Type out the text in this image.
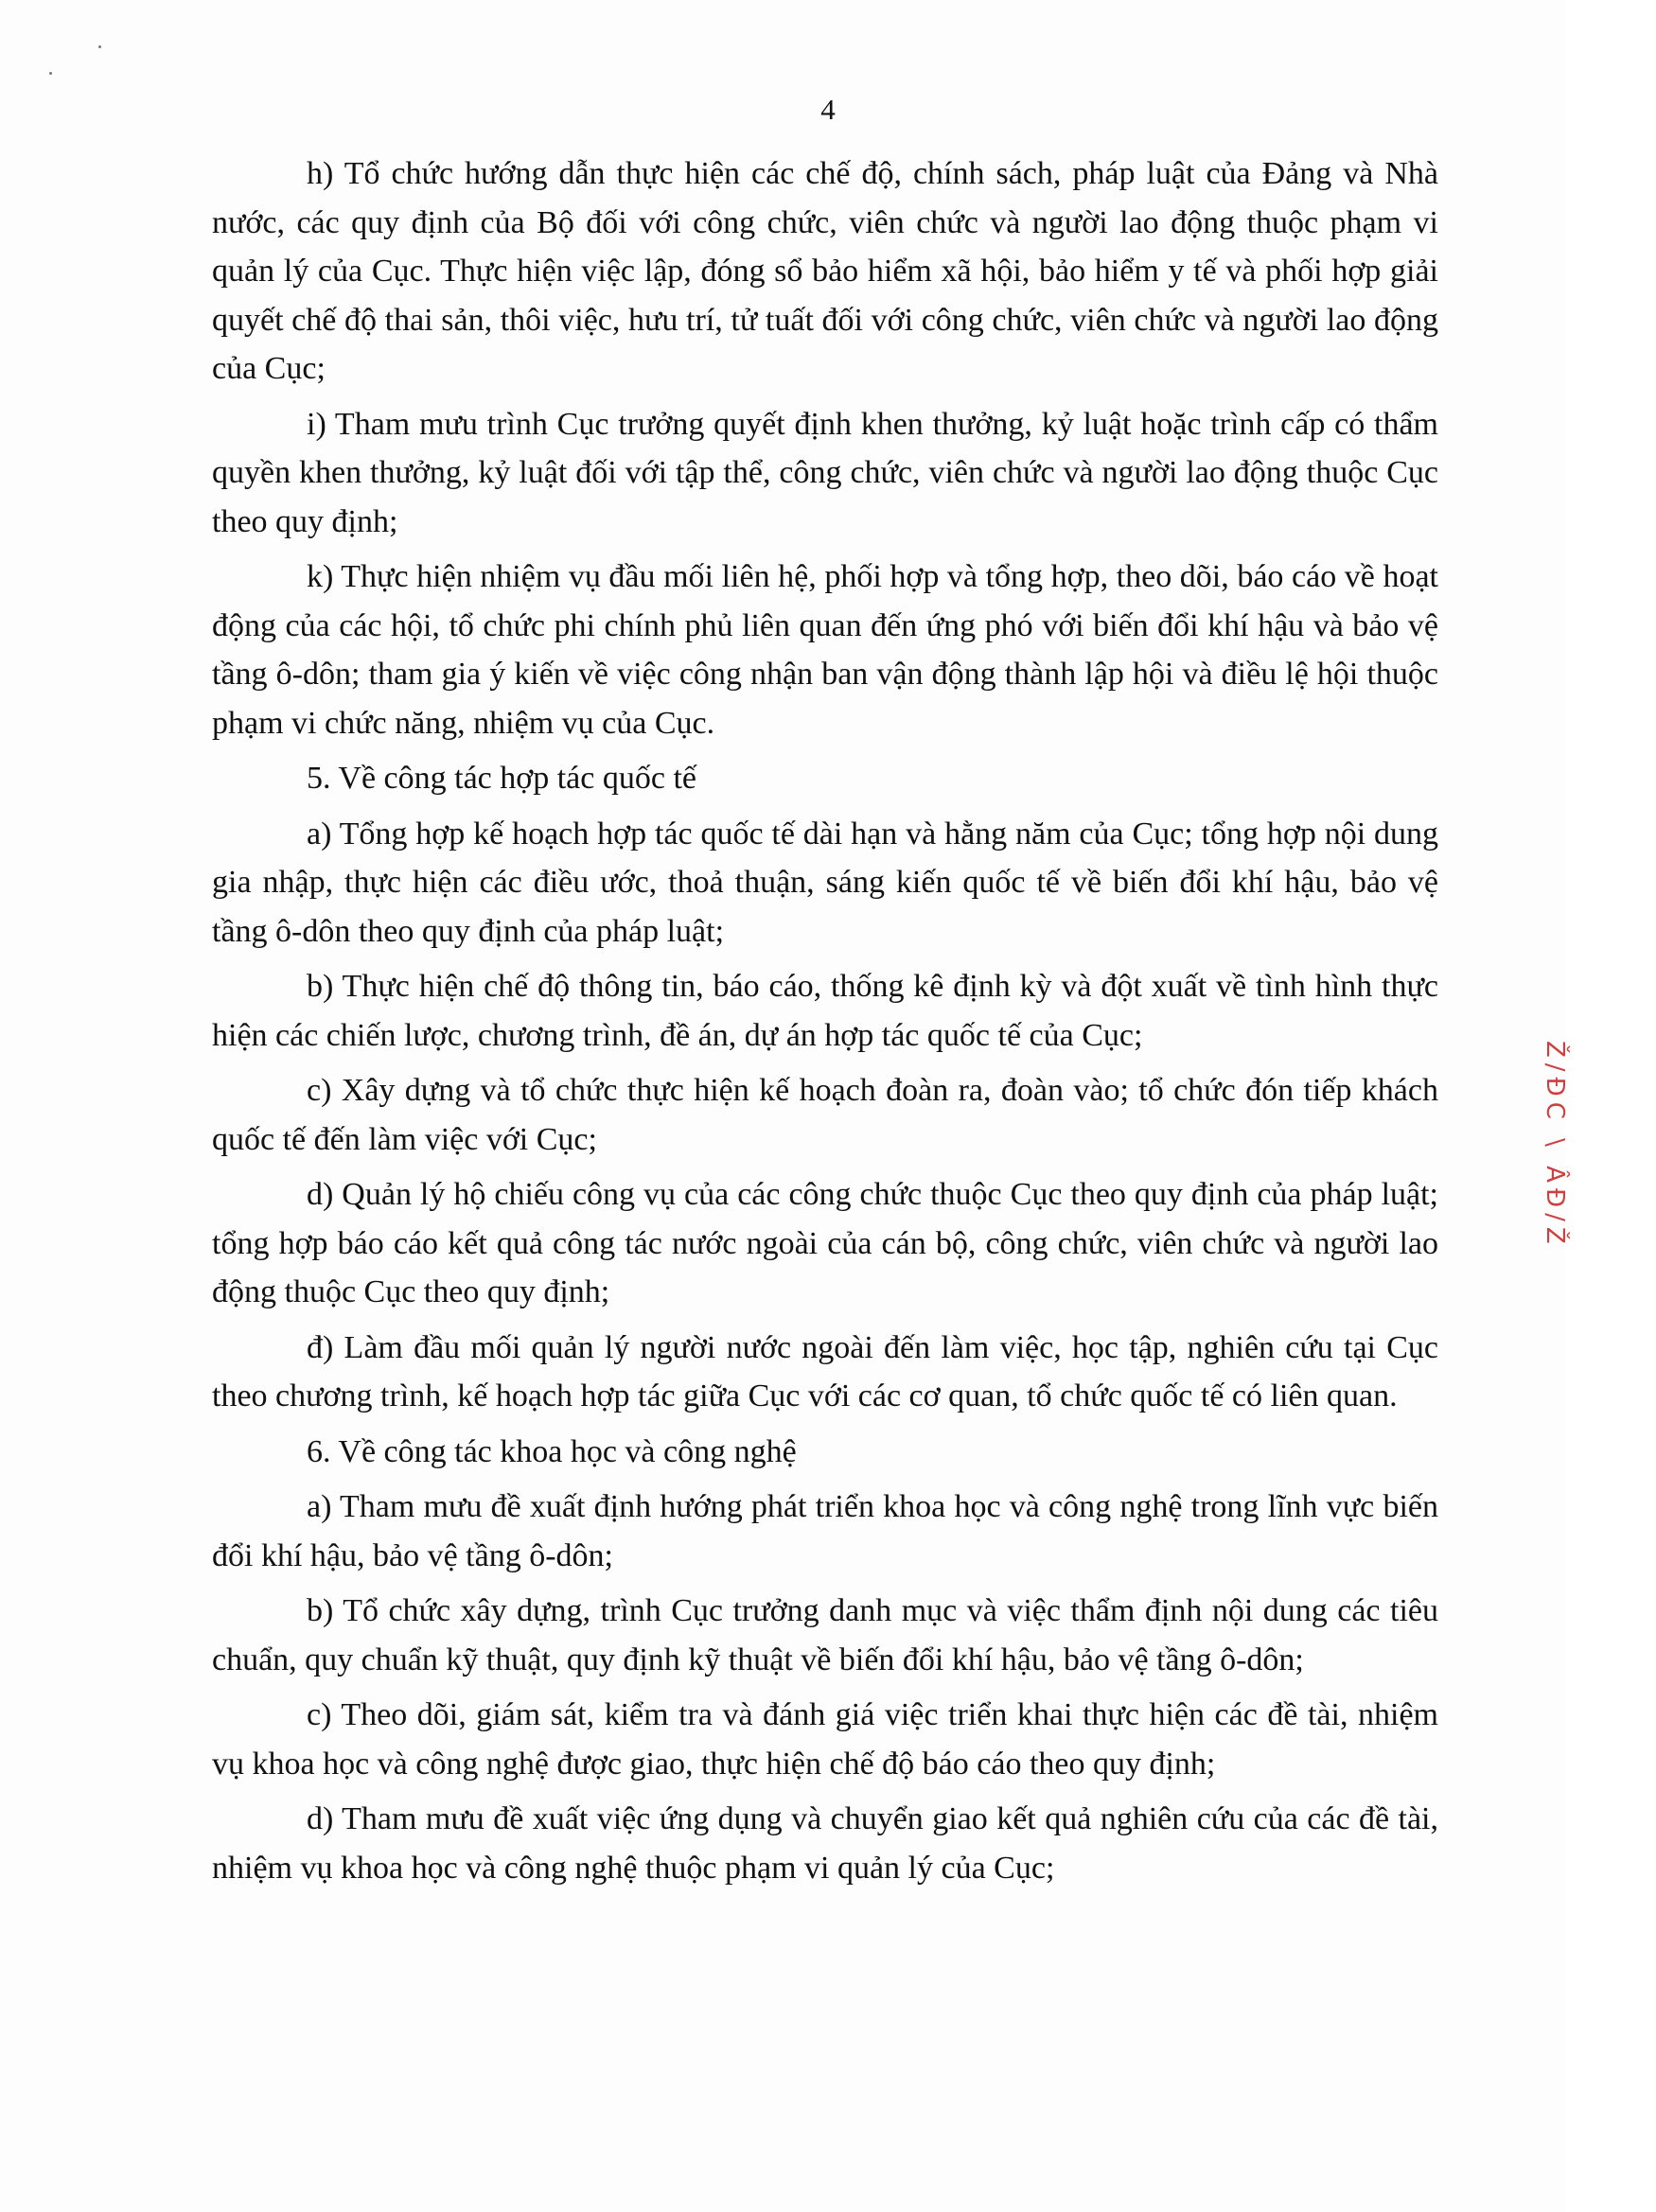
4

h) Tổ chức hướng dẫn thực hiện các chế độ, chính sách, pháp luật của Đảng và Nhà nước, các quy định của Bộ đối với công chức, viên chức và người lao động thuộc phạm vi quản lý của Cục. Thực hiện việc lập, đóng sổ bảo hiểm xã hội, bảo hiểm y tế và phối hợp giải quyết chế độ thai sản, thôi việc, hưu trí, tử tuất đối với công chức, viên chức và người lao động của Cục;

i) Tham mưu trình Cục trưởng quyết định khen thưởng, kỷ luật hoặc trình cấp có thẩm quyền khen thưởng, kỷ luật đối với tập thể, công chức, viên chức và người lao động thuộc Cục theo quy định;

k) Thực hiện nhiệm vụ đầu mối liên hệ, phối hợp và tổng hợp, theo dõi, báo cáo về hoạt động của các hội, tổ chức phi chính phủ liên quan đến ứng phó với biến đổi khí hậu và bảo vệ tầng ô-dôn; tham gia ý kiến về việc công nhận ban vận động thành lập hội và điều lệ hội thuộc phạm vi chức năng, nhiệm vụ của Cục.

5. Về công tác hợp tác quốc tế

a) Tổng hợp kế hoạch hợp tác quốc tế dài hạn và hằng năm của Cục; tổng hợp nội dung gia nhập, thực hiện các điều ước, thoả thuận, sáng kiến quốc tế về biến đổi khí hậu, bảo vệ tầng ô-dôn theo quy định của pháp luật;

b) Thực hiện chế độ thông tin, báo cáo, thống kê định kỳ và đột xuất về tình hình thực hiện các chiến lược, chương trình, đề án, dự án hợp tác quốc tế của Cục;

c) Xây dựng và tổ chức thực hiện kế hoạch đoàn ra, đoàn vào; tổ chức đón tiếp khách quốc tế đến làm việc với Cục;

d) Quản lý hộ chiếu công vụ của các công chức thuộc Cục theo quy định của pháp luật; tổng hợp báo cáo kết quả công tác nước ngoài của cán bộ, công chức, viên chức và người lao động thuộc Cục theo quy định;

đ) Làm đầu mối quản lý người nước ngoài đến làm việc, học tập, nghiên cứu tại Cục theo chương trình, kế hoạch hợp tác giữa Cục với các cơ quan, tổ chức quốc tế có liên quan.

6. Về công tác khoa học và công nghệ

a) Tham mưu đề xuất định hướng phát triển khoa học và công nghệ trong lĩnh vực biến đổi khí hậu, bảo vệ tầng ô-dôn;

b) Tổ chức xây dựng, trình Cục trưởng danh mục và việc thẩm định nội dung các tiêu chuẩn, quy chuẩn kỹ thuật, quy định kỹ thuật về biến đổi khí hậu, bảo vệ tầng ô-dôn;

c) Theo dõi, giám sát, kiểm tra và đánh giá việc triển khai thực hiện các đề tài, nhiệm vụ khoa học và công nghệ được giao, thực hiện chế độ báo cáo theo quy định;

d) Tham mưu đề xuất việc ứng dụng và chuyển giao kết quả nghiên cứu của các đề tài, nhiệm vụ khoa học và công nghệ thuộc phạm vi quản lý của Cục;

Ž/ĐC \ ÂĐ/Ž
